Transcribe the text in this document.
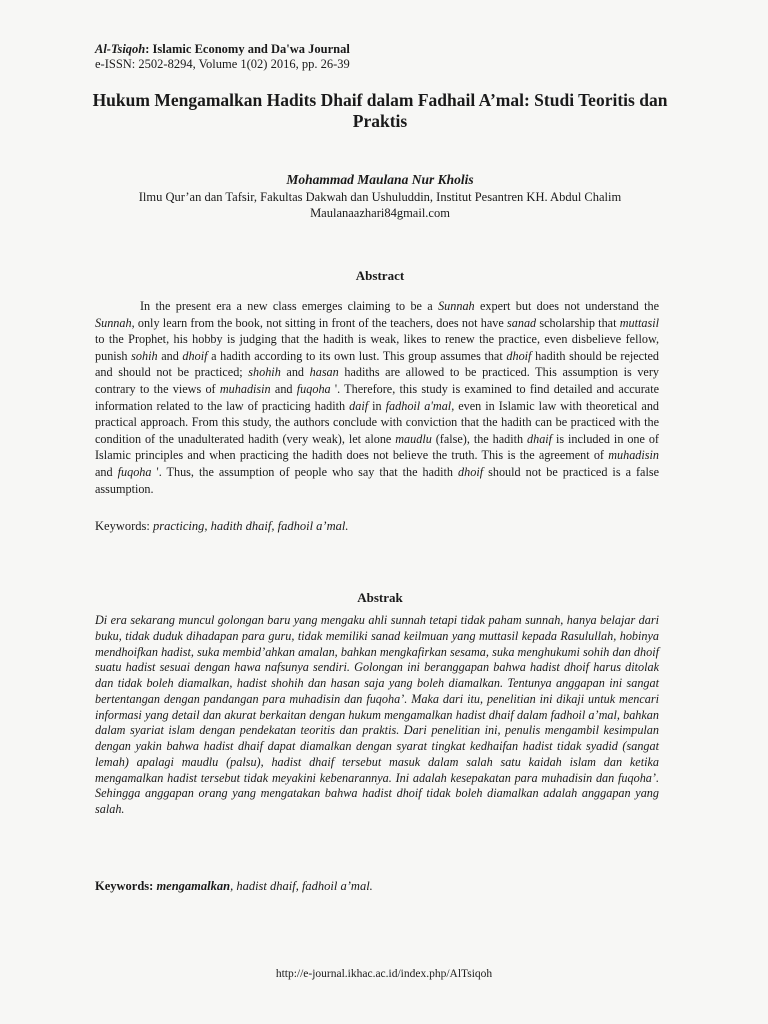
Al-Tsiqoh: Islamic Economy and Da'wa Journal
e-ISSN: 2502-8294, Volume 1(02) 2016, pp. 26-39
Hukum Mengamalkan Hadits Dhaif dalam Fadhail A’mal: Studi Teoritis dan Praktis
Mohammad Maulana Nur Kholis
Ilmu Qur’an dan Tafsir, Fakultas Dakwah dan Ushuluddin, Institut Pesantren KH. Abdul Chalim
Maulanaazhari84gmail.com
Abstract
In the present era a new class emerges claiming to be a Sunnah expert but does not understand the Sunnah, only learn from the book, not sitting in front of the teachers, does not have sanad scholarship that muttasil to the Prophet, his hobby is judging that the hadith is weak, likes to renew the practice, even disbelieve fellow, punish sohih and dhoif a hadith according to its own lust. This group assumes that dhoif hadith should be rejected and should not be practiced; shohih and hasan hadiths are allowed to be practiced. This assumption is very contrary to the views of muhadisin and fuqoha '. Therefore, this study is examined to find detailed and accurate information related to the law of practicing hadith daif in fadhoil a'mal, even in Islamic law with theoretical and practical approach. From this study, the authors conclude with conviction that the hadith can be practiced with the condition of the unadulterated hadith (very weak), let alone maudlu (false), the hadith dhaif is included in one of Islamic principles and when practicing the hadith does not believe the truth. This is the agreement of muhadisin and fuqoha '. Thus, the assumption of people who say that the hadith dhoif should not be practiced is a false assumption.
Keywords: practicing, hadith dhaif, fadhoil a’mal.
Abstrak
Di era sekarang muncul golongan baru yang mengaku ahli sunnah tetapi tidak paham sunnah, hanya belajar dari buku, tidak duduk dihadapan para guru, tidak memiliki sanad keilmuan yang muttasil kepada Rasulullah, hobinya mendhoifkan hadist, suka membid’ahkan amalan, bahkan mengkafirkan sesama, suka menghukumi sohih dan dhoif suatu hadist sesuai dengan hawa nafsunya sendiri. Golongan ini beranggapan bahwa hadist dhoif harus ditolak dan tidak boleh diamalkan, hadist shohih dan hasan saja yang boleh diamalkan. Tentunya anggapan ini sangat bertentangan dengan pandangan para muhadisin dan fuqoha’. Maka dari itu, penelitian ini dikaji untuk mencari informasi yang detail dan akurat berkaitan dengan hukum mengamalkan hadist dhaif dalam fadhoil a’mal, bahkan dalam syariat islam dengan pendekatan teoritis dan praktis. Dari penelitian ini, penulis mengambil kesimpulan dengan yakin bahwa hadist dhaif dapat diamalkan dengan syarat tingkat kedhaifan hadist tidak syadid (sangat lemah) apalagi maudlu (palsu), hadist dhaif tersebut masuk dalam salah satu kaidah islam dan ketika mengamalkan hadist tersebut tidak meyakini kebenarannya. Ini adalah kesepakatan para muhadisin dan fuqoha’. Sehingga anggapan orang yang mengatakan bahwa hadist dhoif tidak boleh diamalkan adalah anggapan yang salah.
Keywords: mengamalkan, hadist dhaif, fadhoil a’mal.
http://e-journal.ikhac.ac.id/index.php/AlTsiqoh
